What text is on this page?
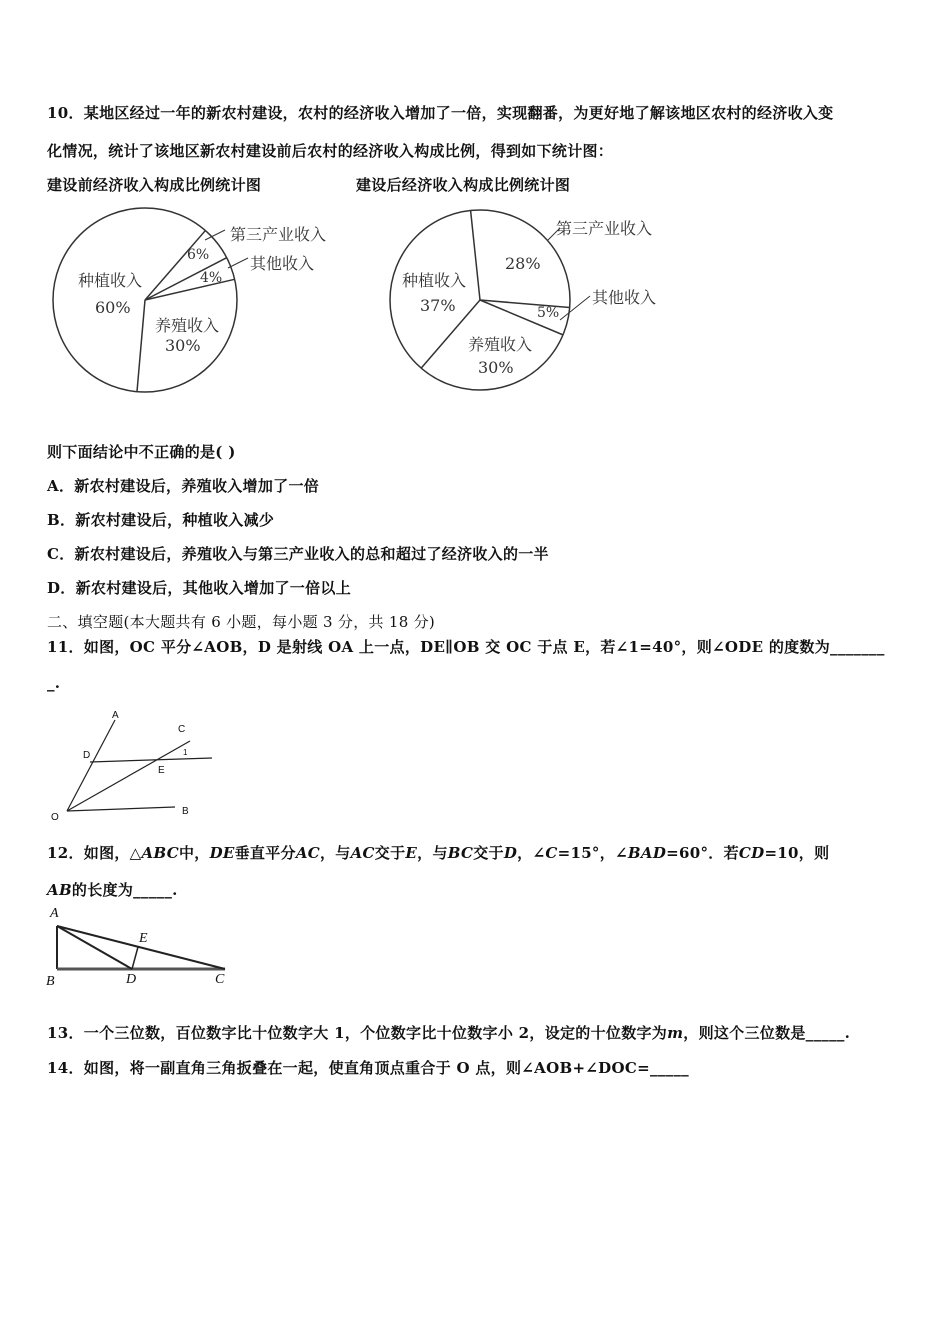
10．某地区经过一年的新农村建设，农村的经济收入增加了一倍，实现翻番，为更好地了解该地区农村的经济收入变
化情况，统计了该地区新农村建设前后农村的经济收入构成比例，得到如下统计图：
建设前经济收入构成比例统计图	建设后经济收入构成比例统计图
第三产业收入
其他收入
种植收入
60%
6%
4%
养殖收入
30%
第三产业收入
28%
其他收入
5%
种植收入
37%
养殖收入
30%
则下面结论中不正确的是( )
A．新农村建设后，养殖收入增加了一倍
B．新农村建设后，种植收入减少
C．新农村建设后，养殖收入与第三产业收入的总和超过了经济收入的一半
D．新农村建设后，其他收入增加了一倍以上
二、填空题(本大题共有 6 小题，每小题 3 分，共 18 分)
11．如图，OC 平分∠AOB，D 是射线 OA 上一点，DE∥OB 交 OC 于点 E，若∠1=40°，则∠ODE 的度数为_______
_.
A
C
D	1
E
O
B
12．如图，△ABC中，DE垂直平分AC，与AC交于E，与BC交于D，∠C=15°，∠BAD=60°．若CD=10，则
AB的长度为_____.
A
E
B	D	C
13．一个三位数，百位数字比十位数字大 1，个位数字比十位数字小 2，设定的十位数字为m，则这个三位数是_____.
14．如图，将一副直角三角扳叠在一起，使直角顶点重合于 O 点，则∠AOB+∠DOC=_____
